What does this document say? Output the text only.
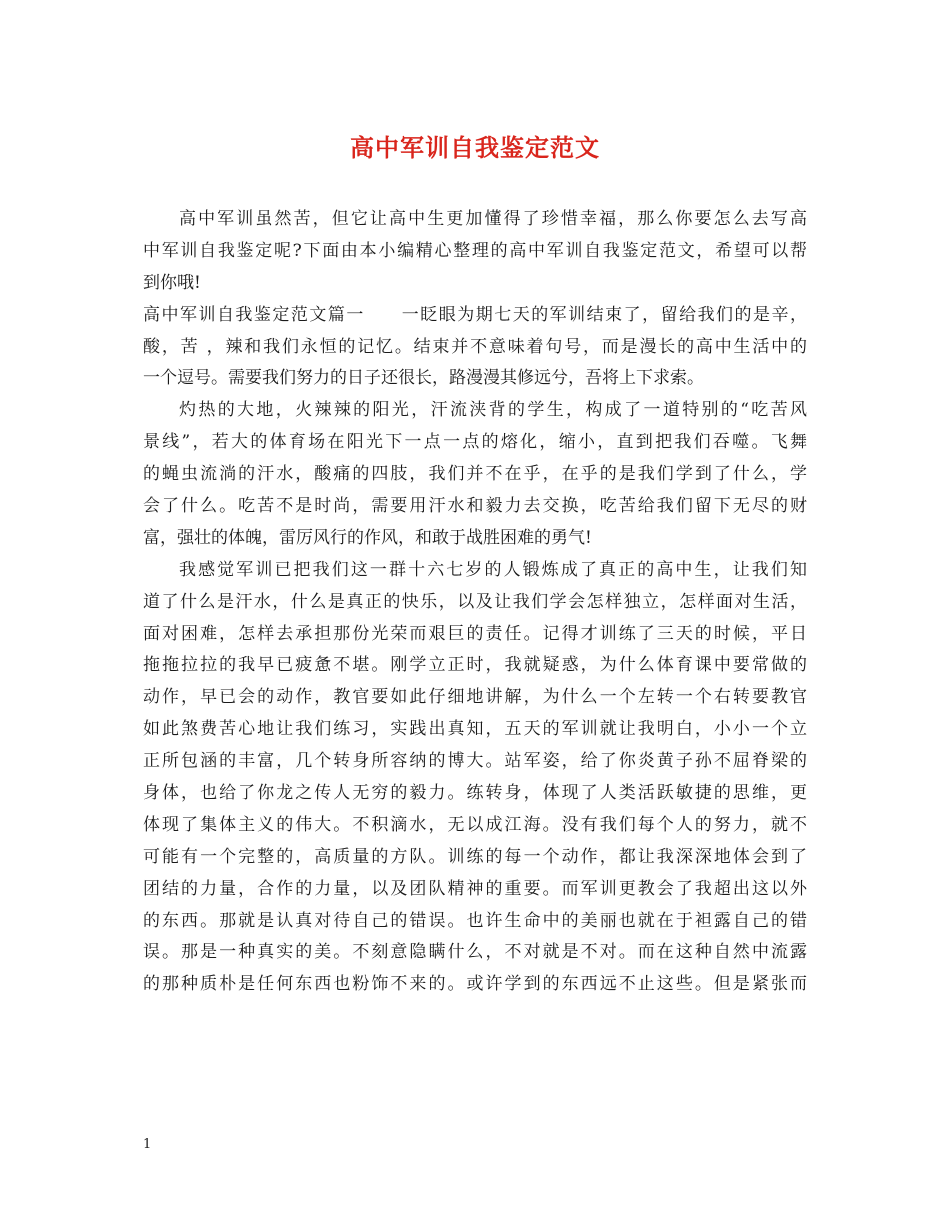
高中军训自我鉴定范文
高中军训虽然苦，但它让高中生更加懂得了珍惜幸福，那么你要怎么去写高
中军训自我鉴定呢?下面由本小编精心整理的高中军训自我鉴定范文，希望可以帮
到你哦!
高中军训自我鉴定范文篇一　　一眨眼为期七天的军训结束了，留给我们的是辛，
酸，苦 ，辣和我们永恒的记忆。结束并不意味着句号，而是漫长的高中生活中的
一个逗号。需要我们努力的日子还很长，路漫漫其修远兮，吾将上下求索。
灼热的大地，火辣辣的阳光，汗流浃背的学生，构成了一道特别的“吃苦风
景线”，若大的体育场在阳光下一点一点的熔化，缩小，直到把我们吞噬。飞舞
的蝇虫流淌的汗水，酸痛的四肢，我们并不在乎，在乎的是我们学到了什么，学
会了什么。吃苦不是时尚，需要用汗水和毅力去交换，吃苦给我们留下无尽的财
富，强壮的体魄，雷厉风行的作风，和敢于战胜困难的勇气!
我感觉军训已把我们这一群十六七岁的人锻炼成了真正的高中生，让我们知
道了什么是汗水，什么是真正的快乐，以及让我们学会怎样独立，怎样面对生活，
面对困难，怎样去承担那份光荣而艰巨的责任。记得才训练了三天的时候，平日
拖拖拉拉的我早已疲惫不堪。刚学立正时，我就疑惑，为什么体育课中要常做的
动作，早已会的动作，教官要如此仔细地讲解，为什么一个左转一个右转要教官
如此煞费苦心地让我们练习，实践出真知，五天的军训就让我明白，小小一个立
正所包涵的丰富，几个转身所容纳的博大。站军姿，给了你炎黄子孙不屈脊梁的
身体，也给了你龙之传人无穷的毅力。练转身，体现了人类活跃敏捷的思维，更
体现了集体主义的伟大。不积滴水，无以成江海。没有我们每个人的努力，就不
可能有一个完整的，高质量的方队。训练的每一个动作，都让我深深地体会到了
团结的力量，合作的力量，以及团队精神的重要。而军训更教会了我超出这以外
的东西。那就是认真对待自己的错误。也许生命中的美丽也就在于袒露自己的错
误。那是一种真实的美。不刻意隐瞒什么，不对就是不对。而在这种自然中流露
的那种质朴是任何东西也粉饰不来的。或许学到的东西远不止这些。但是紧张而
1
